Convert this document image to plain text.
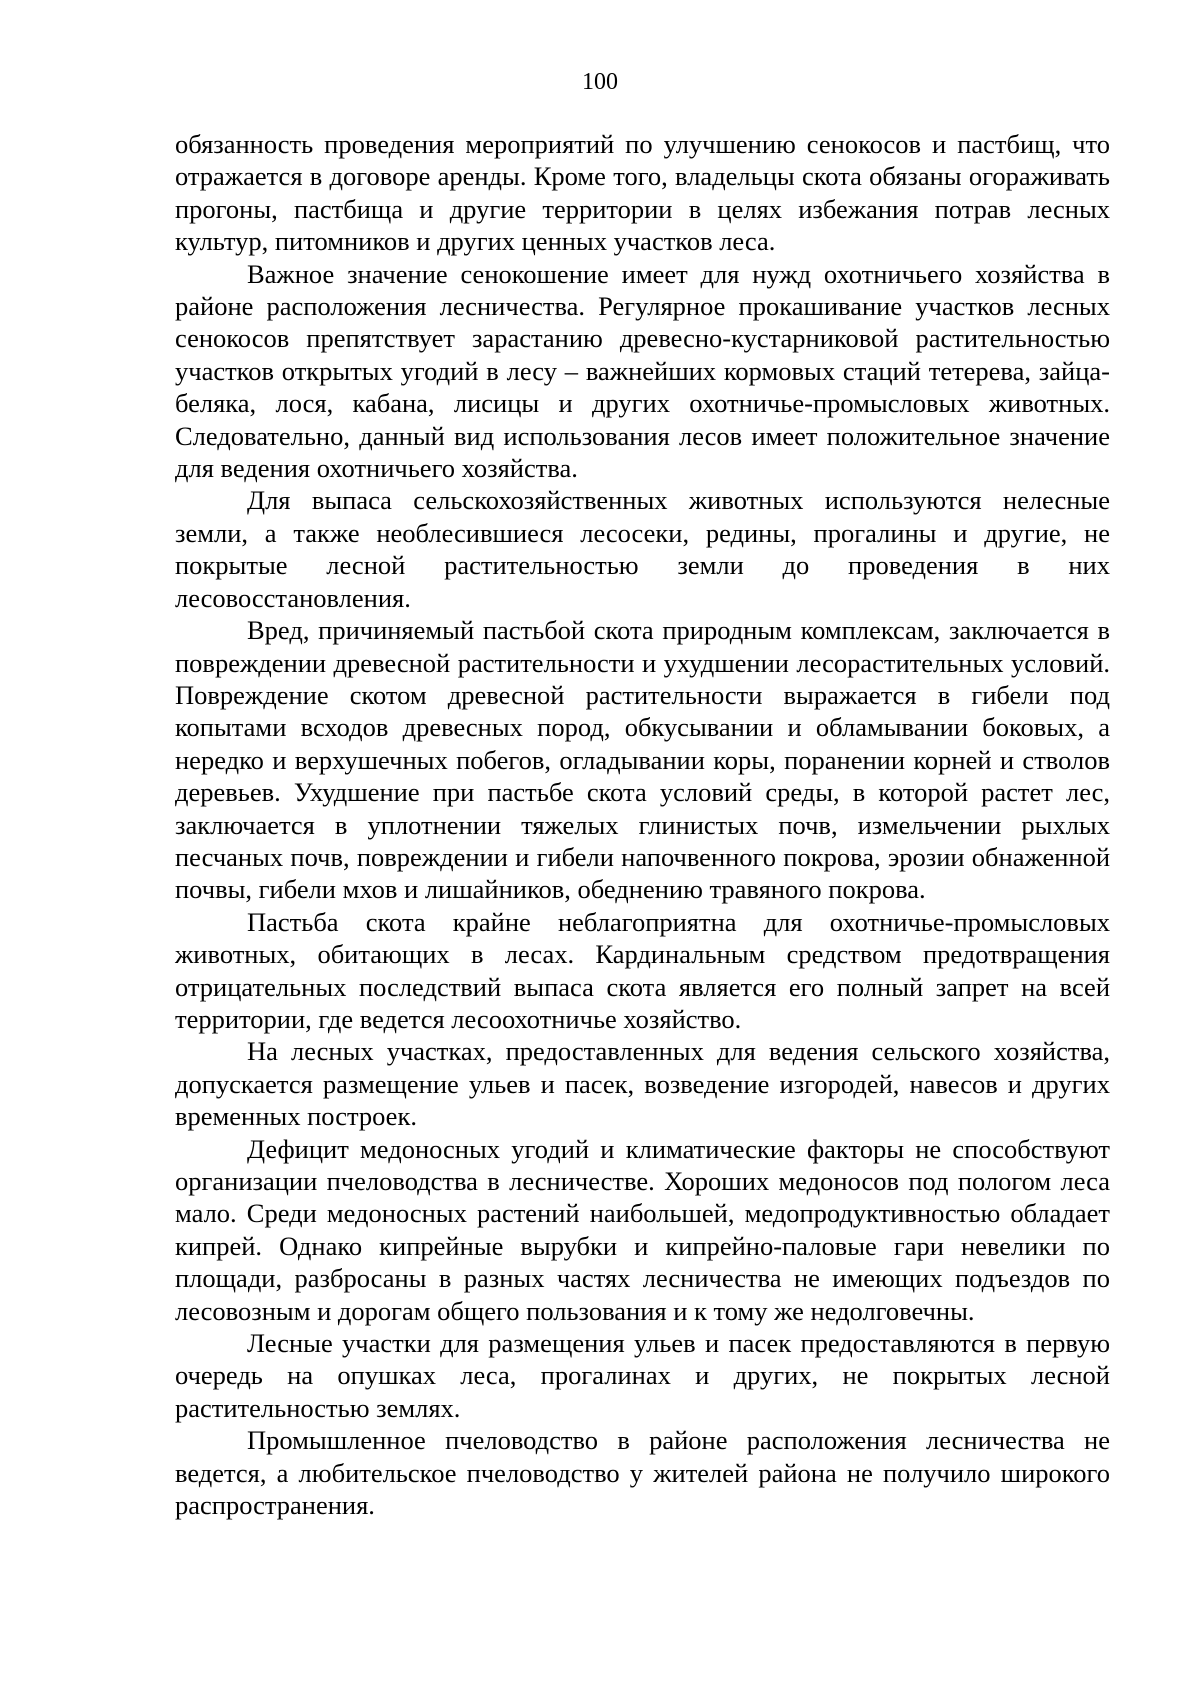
100

обязанность проведения мероприятий по улучшению сенокосов и пастбищ, что отражается в договоре аренды. Кроме того, владельцы скота обязаны огораживать прогоны, пастбища и другие территории в целях избежания потрав лесных культур, питомников и других ценных участков леса.

Важное значение сенокошение имеет для нужд охотничьего хозяйства в районе расположения лесничества. Регулярное прокашивание участков лесных сенокосов препятствует зарастанию древесно-кустарниковой растительностью участков открытых угодий в лесу – важнейших кормовых стаций тетерева, зайца-беляка, лося, кабана, лисицы и других охотничье-промысловых животных. Следовательно, данный вид использования лесов имеет положительное значение для ведения охотничьего хозяйства.

Для выпаса сельскохозяйственных животных используются нелесные земли, а также необлесившиеся лесосеки, редины, прогалины и другие, не покрытые лесной растительностью земли до проведения в них лесовосстановления.

Вред, причиняемый пастьбой скота природным комплексам, заключается в повреждении древесной растительности и ухудшении лесорастительных условий. Повреждение скотом древесной растительности выражается в гибели под копытами всходов древесных пород, обкусывании и обламывании боковых, а нередко и верхушечных побегов, огладывании коры, поранении корней и стволов деревьев. Ухудшение при пастьбе скота условий среды, в которой растет лес, заключается в уплотнении тяжелых глинистых почв, измельчении рыхлых песчаных почв, повреждении и гибели напочвенного покрова, эрозии обнаженной почвы, гибели мхов и лишайников, обеднению травяного покрова.

Пастьба скота крайне неблагоприятна для охотничье-промысловых животных, обитающих в лесах. Кардинальным средством предотвращения отрицательных последствий выпаса скота является его полный запрет на всей территории, где ведется лесоохотничье хозяйство.

На лесных участках, предоставленных для ведения сельского хозяйства, допускается размещение ульев и пасек, возведение изгородей, навесов и других временных построек.

Дефицит медоносных угодий и климатические факторы не способствуют организации пчеловодства в лесничестве. Хороших медоносов под пологом леса мало. Среди медоносных растений наибольшей, медопродуктивностью обладает кипрей. Однако кипрейные вырубки и кипрейно-паловые гари невелики по площади, разбросаны в разных частях лесничества не имеющих подъездов по лесовозным и дорогам общего пользования и к тому же недолговечны.

Лесные участки для размещения ульев и пасек предоставляются в первую очередь на опушках леса, прогалинах и других, не покрытых лесной растительностью землях.

Промышленное пчеловодство в районе расположения лесничества не ведется, а любительское пчеловодство у жителей района не получило широкого распространения.
